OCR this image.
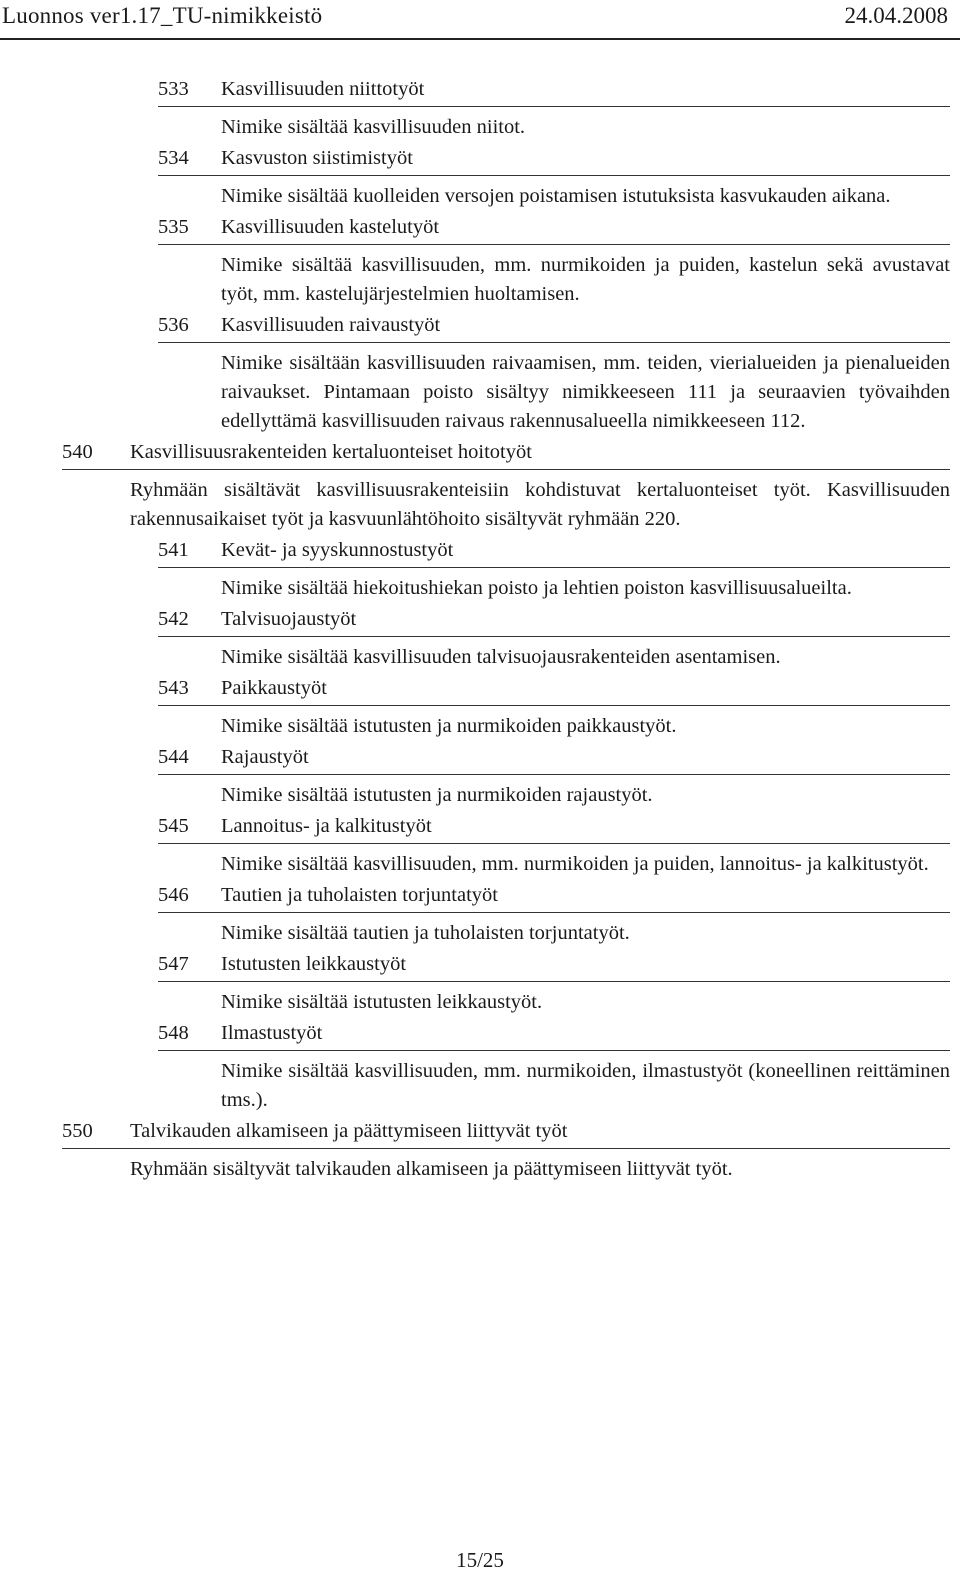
Luonnos ver1.17_TU-nimikkeistö	24.04.2008
533	Kasvillisuuden niittotyöt
Nimike sisältää kasvillisuuden niitot.
534	Kasvuston siistimistyöt
Nimike sisältää kuolleiden versojen poistamisen istutuksista kasvukauden aikana.
535	Kasvillisuuden kastelutyöt
Nimike sisältää kasvillisuuden, mm. nurmikoiden ja puiden, kastelun sekä avustavat työt, mm. kastelujärjestelmien huoltamisen.
536	Kasvillisuuden raivaustyöt
Nimike sisältään kasvillisuuden raivaamisen, mm. teiden, vierialueiden ja pienalueiden raivaukset. Pintamaan poisto sisältyy nimikkeeseen 111 ja seuraavien työvaihden edellyttämä kasvillisuuden raivaus rakennusalueella nimikkeeseen 112.
540	Kasvillisuusrakenteiden kertaluonteiset hoitotyöt
Ryhmään sisältävät kasvillisuusrakenteisiin kohdistuvat kertaluonteiset työt. Kasvillisuuden rakennusaikaiset työt ja kasvuunlähtöhoito sisältyvät ryhmään 220.
541	Kevät- ja syyskunnostustyöt
Nimike sisältää hiekoitushiekan poisto ja lehtien poiston kasvillisuusalueilta.
542	Talvisuojaustyöt
Nimike sisältää kasvillisuuden talvisuojausrakenteiden asentamisen.
543	Paikkaustyöt
Nimike sisältää istutusten ja nurmikoiden paikkaustyöt.
544	Rajaustyöt
Nimike sisältää istutusten ja nurmikoiden rajaustyöt.
545	Lannoitus- ja kalkitustyöt
Nimike sisältää kasvillisuuden, mm. nurmikoiden ja puiden, lannoitus- ja kalkitustyöt.
546	Tautien ja tuholaisten torjuntatyöt
Nimike sisältää tautien ja tuholaisten torjuntatyöt.
547	Istutusten leikkaustyöt
Nimike sisältää istutusten leikkaustyöt.
548	Ilmastustyöt
Nimike sisältää kasvillisuuden, mm. nurmikoiden, ilmastustyöt (koneellinen reittäminen tms.).
550	Talvikauden alkamiseen ja päättymiseen liittyvät työt
Ryhmään sisältyvät talvikauden alkamiseen ja päättymiseen liittyvät työt.
15/25
